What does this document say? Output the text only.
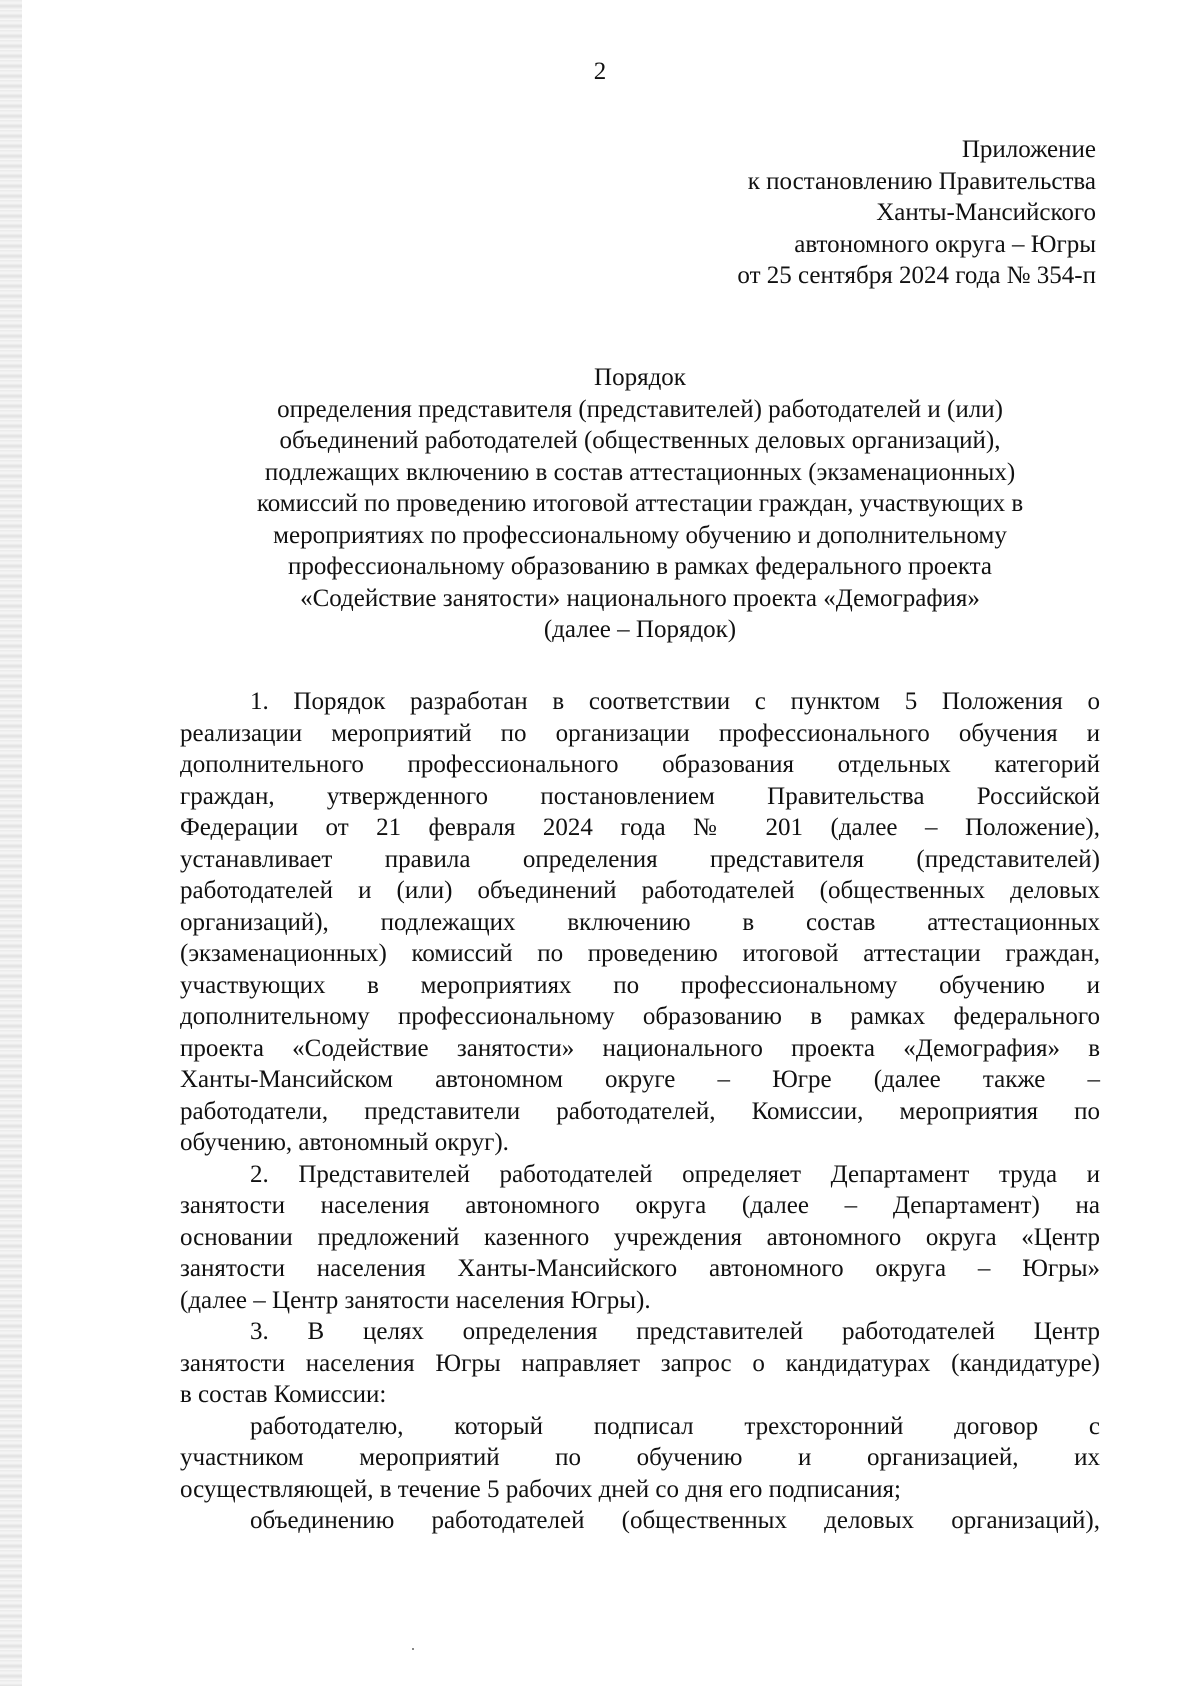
2
Приложение
к постановлению Правительства
Ханты-Мансийского
автономного округа – Югры
от 25 сентября 2024 года № 354-п
Порядок
определения представителя (представителей) работодателей и (или)
объединений работодателей (общественных деловых организаций),
подлежащих включению в состав аттестационных (экзаменационных)
комиссий по проведению итоговой аттестации граждан, участвующих в
мероприятиях по профессиональному обучению и дополнительному
профессиональному образованию в рамках федерального проекта
«Содействие занятости» национального проекта «Демография»
(далее – Порядок)
1. Порядок разработан в соответствии с пунктом 5 Положения о
реализации мероприятий по организации профессионального обучения и
дополнительного профессионального образования отдельных категорий
граждан, утвержденного постановлением Правительства Российской
Федерации от 21 февраля 2024 года № 201 (далее – Положение),
устанавливает правила определения представителя (представителей)
работодателей и (или) объединений работодателей (общественных деловых
организаций), подлежащих включению в состав аттестационных
(экзаменационных) комиссий по проведению итоговой аттестации граждан,
участвующих в мероприятиях по профессиональному обучению и
дополнительному профессиональному образованию в рамках федерального
проекта «Содействие занятости» национального проекта «Демография» в
Ханты-Мансийском автономном округе – Югре (далее также –
работодатели, представители работодателей, Комиссии, мероприятия по
обучению, автономный округ).
2. Представителей работодателей определяет Департамент труда и
занятости населения автономного округа (далее – Департамент) на
основании предложений казенного учреждения автономного округа «Центр
занятости населения Ханты-Мансийского автономного округа – Югры»
(далее – Центр занятости населения Югры).
3. В целях определения представителей работодателей Центр
занятости населения Югры направляет запрос о кандидатурах (кандидатуре)
в состав Комиссии:
работодателю, который подписал трехсторонний договор с
участником мероприятий по обучению и организацией, их
осуществляющей, в течение 5 рабочих дней со дня его подписания;
объединению работодателей (общественных деловых организаций),
